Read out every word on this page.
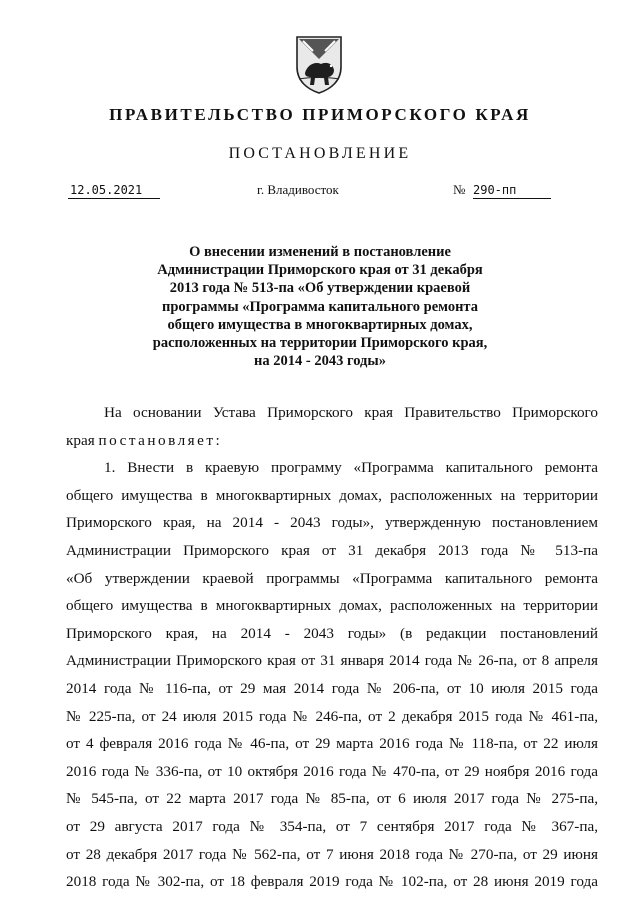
ПРАВИТЕЛЬСТВО ПРИМОРСКОГО КРАЯ
ПОСТАНОВЛЕНИЕ
12.05.2021	г. Владивосток	№ 290-пп
О внесении изменений в постановление
Администрации Приморского края от 31 декабря
2013 года № 513-па «Об утверждении краевой
программы «Программа капитального ремонта
общего имущества в многоквартирных домах,
расположенных на территории Приморского края,
на 2014 - 2043 годы»
На основании Устава Приморского края Правительство Приморского
края постановляет:
1. Внести в краевую программу «Программа капитального ремонта
общего имущества в многоквартирных домах, расположенных на территории
Приморского края, на 2014 - 2043 годы», утвержденную постановлением
Администрации Приморского края от 31 декабря 2013 года № 513-па
«Об утверждении краевой программы «Программа капитального ремонта
общего имущества в многоквартирных домах, расположенных на территории
Приморского края, на 2014 - 2043 годы» (в редакции постановлений
Администрации Приморского края от 31 января 2014 года № 26-па, от 8 апреля
2014 года № 116-па, от 29 мая 2014 года № 206-па, от 10 июля 2015 года
№ 225-па, от 24 июля 2015 года № 246-па, от 2 декабря 2015 года № 461-па,
от 4 февраля 2016 года № 46-па, от 29 марта 2016 года № 118-па, от 22 июля
2016 года № 336-па, от 10 октября 2016 года № 470-па, от 29 ноября 2016 года
№ 545-па, от 22 марта 2017 года № 85-па, от 6 июля 2017 года № 275-па,
от 29 августа 2017 года № 354-па, от 7 сентября 2017 года № 367-па,
от 28 декабря 2017 года № 562-па, от 7 июня 2018 года № 270-па, от 29 июня
2018 года № 302-па, от 18 февраля 2019 года № 102-па, от 28 июня 2019 года
